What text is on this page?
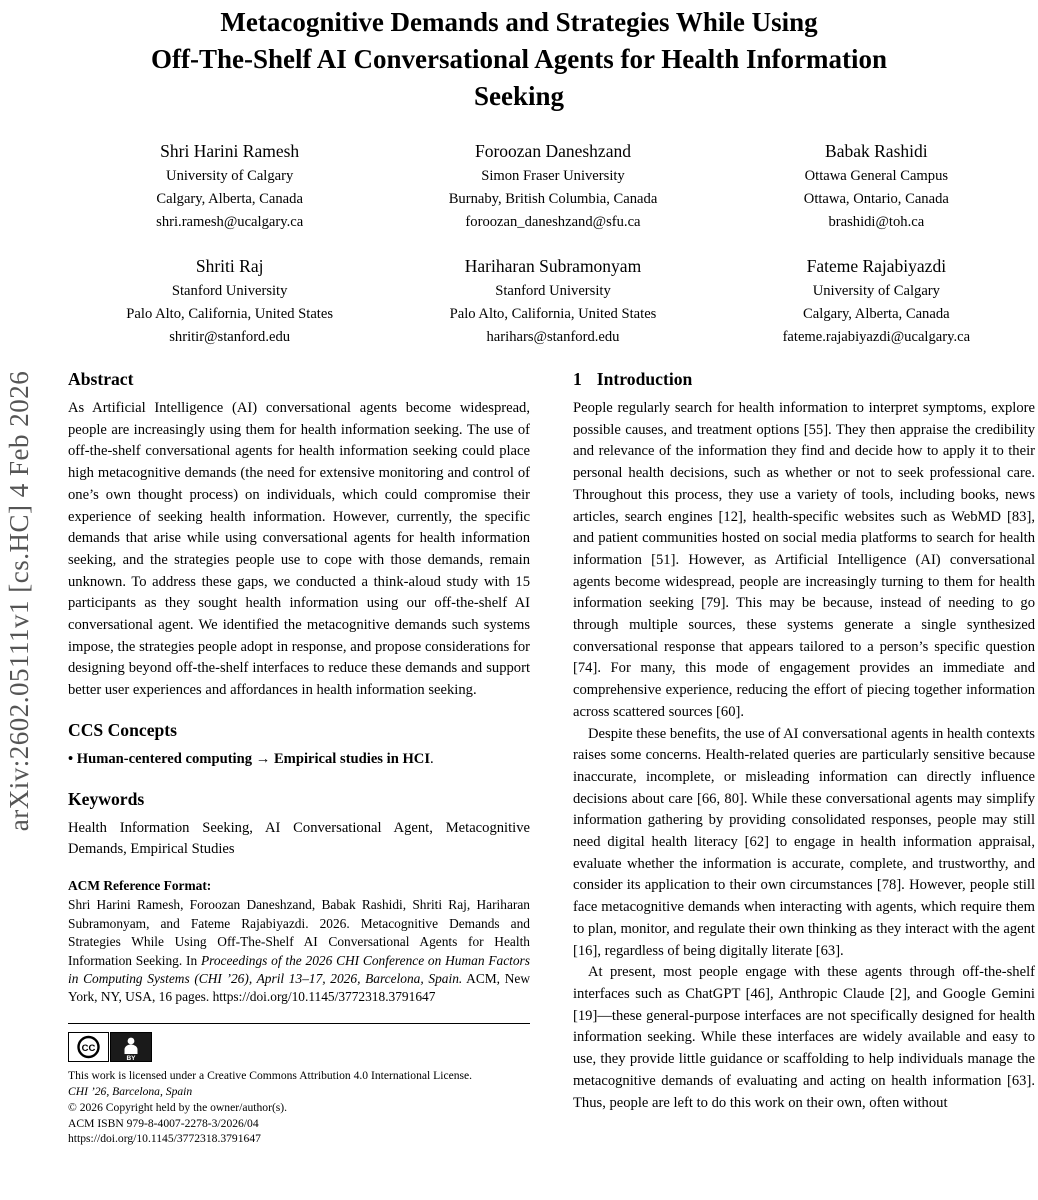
arXiv:2602.05111v1 [cs.HC] 4 Feb 2026
Metacognitive Demands and Strategies While Using
Off-The-Shelf AI Conversational Agents for Health Information
Seeking
Shri Harini Ramesh
University of Calgary
Calgary, Alberta, Canada
shri.ramesh@ucalgary.ca
Foroozan Daneshzand
Simon Fraser University
Burnaby, British Columbia, Canada
foroozan_daneshzand@sfu.ca
Babak Rashidi
Ottawa General Campus
Ottawa, Ontario, Canada
brashidi@toh.ca
Shriti Raj
Stanford University
Palo Alto, California, United States
shritir@stanford.edu
Hariharan Subramonyam
Stanford University
Palo Alto, California, United States
harihars@stanford.edu
Fateme Rajabiyazdi
University of Calgary
Calgary, Alberta, Canada
fateme.rajabiyazdi@ucalgary.ca
Abstract

As Artificial Intelligence (AI) conversational agents become widespread, people are increasingly using them for health information seeking. The use of off-the-shelf conversational agents for health information seeking could place high metacognitive demands (the need for extensive monitoring and control of one’s own thought process) on individuals, which could compromise their experience of seeking health information. However, currently, the specific demands that arise while using conversational agents for health information seeking, and the strategies people use to cope with those demands, remain unknown. To address these gaps, we conducted a think-aloud study with 15 participants as they sought health information using our off-the-shelf AI conversational agent. We identified the metacognitive demands such systems impose, the strategies people adopt in response, and propose considerations for designing beyond off-the-shelf interfaces to reduce these demands and support better user experiences and affordances in health information seeking.

CCS Concepts

• Human-centered computing → Empirical studies in HCI.

Keywords

Health Information Seeking, AI Conversational Agent, Metacognitive Demands, Empirical Studies

ACM Reference Format:

Shri Harini Ramesh, Foroozan Daneshzand, Babak Rashidi, Shriti Raj, Hariharan Subramonyam, and Fateme Rajabiyazdi. 2026. Metacognitive Demands and Strategies While Using Off-The-Shelf AI Conversational Agents for Health Information Seeking. In Proceedings of the 2026 CHI Conference on Human Factors in Computing Systems (CHI ’26), April 13–17, 2026, Barcelona, Spain. ACM, New York, NY, USA, 16 pages. https://doi.org/10.1145/3772318.3791647

CC
BY
This work is licensed under a Creative Commons Attribution 4.0 International License.
CHI ’26, Barcelona, Spain
© 2026 Copyright held by the owner/author(s).
ACM ISBN 979-8-4007-2278-3/2026/04
https://doi.org/10.1145/3772318.3791647
1 Introduction

People regularly search for health information to interpret symptoms, explore possible causes, and treatment options [55]. They then appraise the credibility and relevance of the information they find and decide how to apply it to their personal health decisions, such as whether or not to seek professional care. Throughout this process, they use a variety of tools, including books, news articles, search engines [12], health-specific websites such as WebMD [83], and patient communities hosted on social media platforms to search for health information [51]. However, as Artificial Intelligence (AI) conversational agents become widespread, people are increasingly turning to them for health information seeking [79]. This may be because, instead of needing to go through multiple sources, these systems generate a single synthesized conversational response that appears tailored to a person’s specific question [74]. For many, this mode of engagement provides an immediate and comprehensive experience, reducing the effort of piecing together information across scattered sources [60].

Despite these benefits, the use of AI conversational agents in health contexts raises some concerns. Health-related queries are particularly sensitive because inaccurate, incomplete, or misleading information can directly influence decisions about care [66, 80]. While these conversational agents may simplify information gathering by providing consolidated responses, people may still need digital health literacy [62] to engage in health information appraisal, evaluate whether the information is accurate, complete, and trustworthy, and consider its application to their own circumstances [78]. However, people still face metacognitive demands when interacting with agents, which require them to plan, monitor, and regulate their own thinking as they interact with the agent [16], regardless of being digitally literate [63].

At present, most people engage with these agents through off-the-shelf interfaces such as ChatGPT [46], Anthropic Claude [2], and Google Gemini [19]—these general-purpose interfaces are not specifically designed for health information seeking. While these interfaces are widely available and easy to use, they provide little guidance or scaffolding to help individuals manage the metacognitive demands of evaluating and acting on health information [63]. Thus, people are left to do this work on their own, often without
